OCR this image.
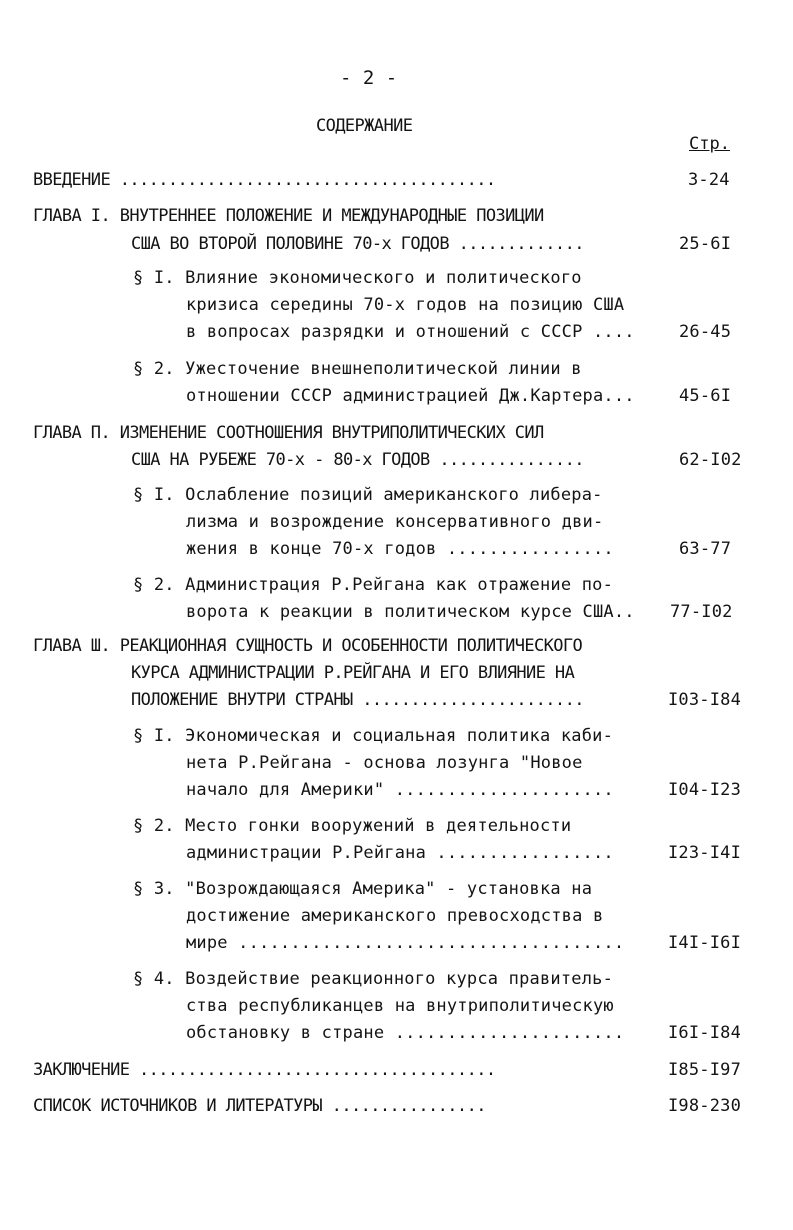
- 2 -
СОДЕРЖАНИЕ
Стр.
ВВЕДЕНИЕ .......................................	3-24
ГЛАВА I. ВНУТРЕННЕЕ ПОЛОЖЕНИЕ И МЕЖДУНАРОДНЫЕ ПОЗИЦИИ
США ВО ВТОРОЙ ПОЛОВИНЕ 70-х ГОДОВ .............	25-6I
§ I. Влияние экономического и политического
кризиса середины 70-х годов на позицию США
в вопросах разрядки и отношений с СССР ....	26-45
§ 2. Ужесточение внешнеполитической линии в
отношении СССР администрацией Дж.Картера...	45-6I
ГЛАВА П. ИЗМЕНЕНИЕ СООТНОШЕНИЯ ВНУТРИПОЛИТИЧЕСКИХ СИЛ
США НА РУБЕЖЕ 70-х - 80-х ГОДОВ ...............	62-I02
§ I. Ослабление позиций американского либера-
лизма и возрождение консервативного дви-
жения в конце 70-х годов ................	63-77
§ 2. Администрация Р.Рейгана как отражение по-
ворота к реакции в политическом курсе США.. 77-I02
ГЛАВА Ш. РЕАКЦИОННАЯ СУЩНОСТЬ И ОСОБЕННОСТИ ПОЛИТИЧЕСКОГО
КУРСА АДМИНИСТРАЦИИ Р.РЕЙГАНА И ЕГО ВЛИЯНИЕ НА
ПОЛОЖЕНИЕ ВНУТРИ СТРАНЫ .......................	I03-I84
§ I. Экономическая и социальная политика каби-
нета Р.Рейгана - основа лозунга "Новое
начало для Америки" .....................	I04-I23
§ 2. Место гонки вооружений в деятельности
администрации Р.Рейгана .................	I23-I4I
§ 3. "Возрождающаяся Америка" - установка на
достижение американского превосходства в
мире .....................................	I4I-I6I
§ 4. Воздействие реакционного курса правитель-
ства республиканцев на внутриполитическую
обстановку в стране ......................	I6I-I84
ЗАКЛЮЧЕНИЕ .....................................	I85-I97
СПИСОК ИСТОЧНИКОВ И ЛИТЕРАТУРЫ ................	I98-230
